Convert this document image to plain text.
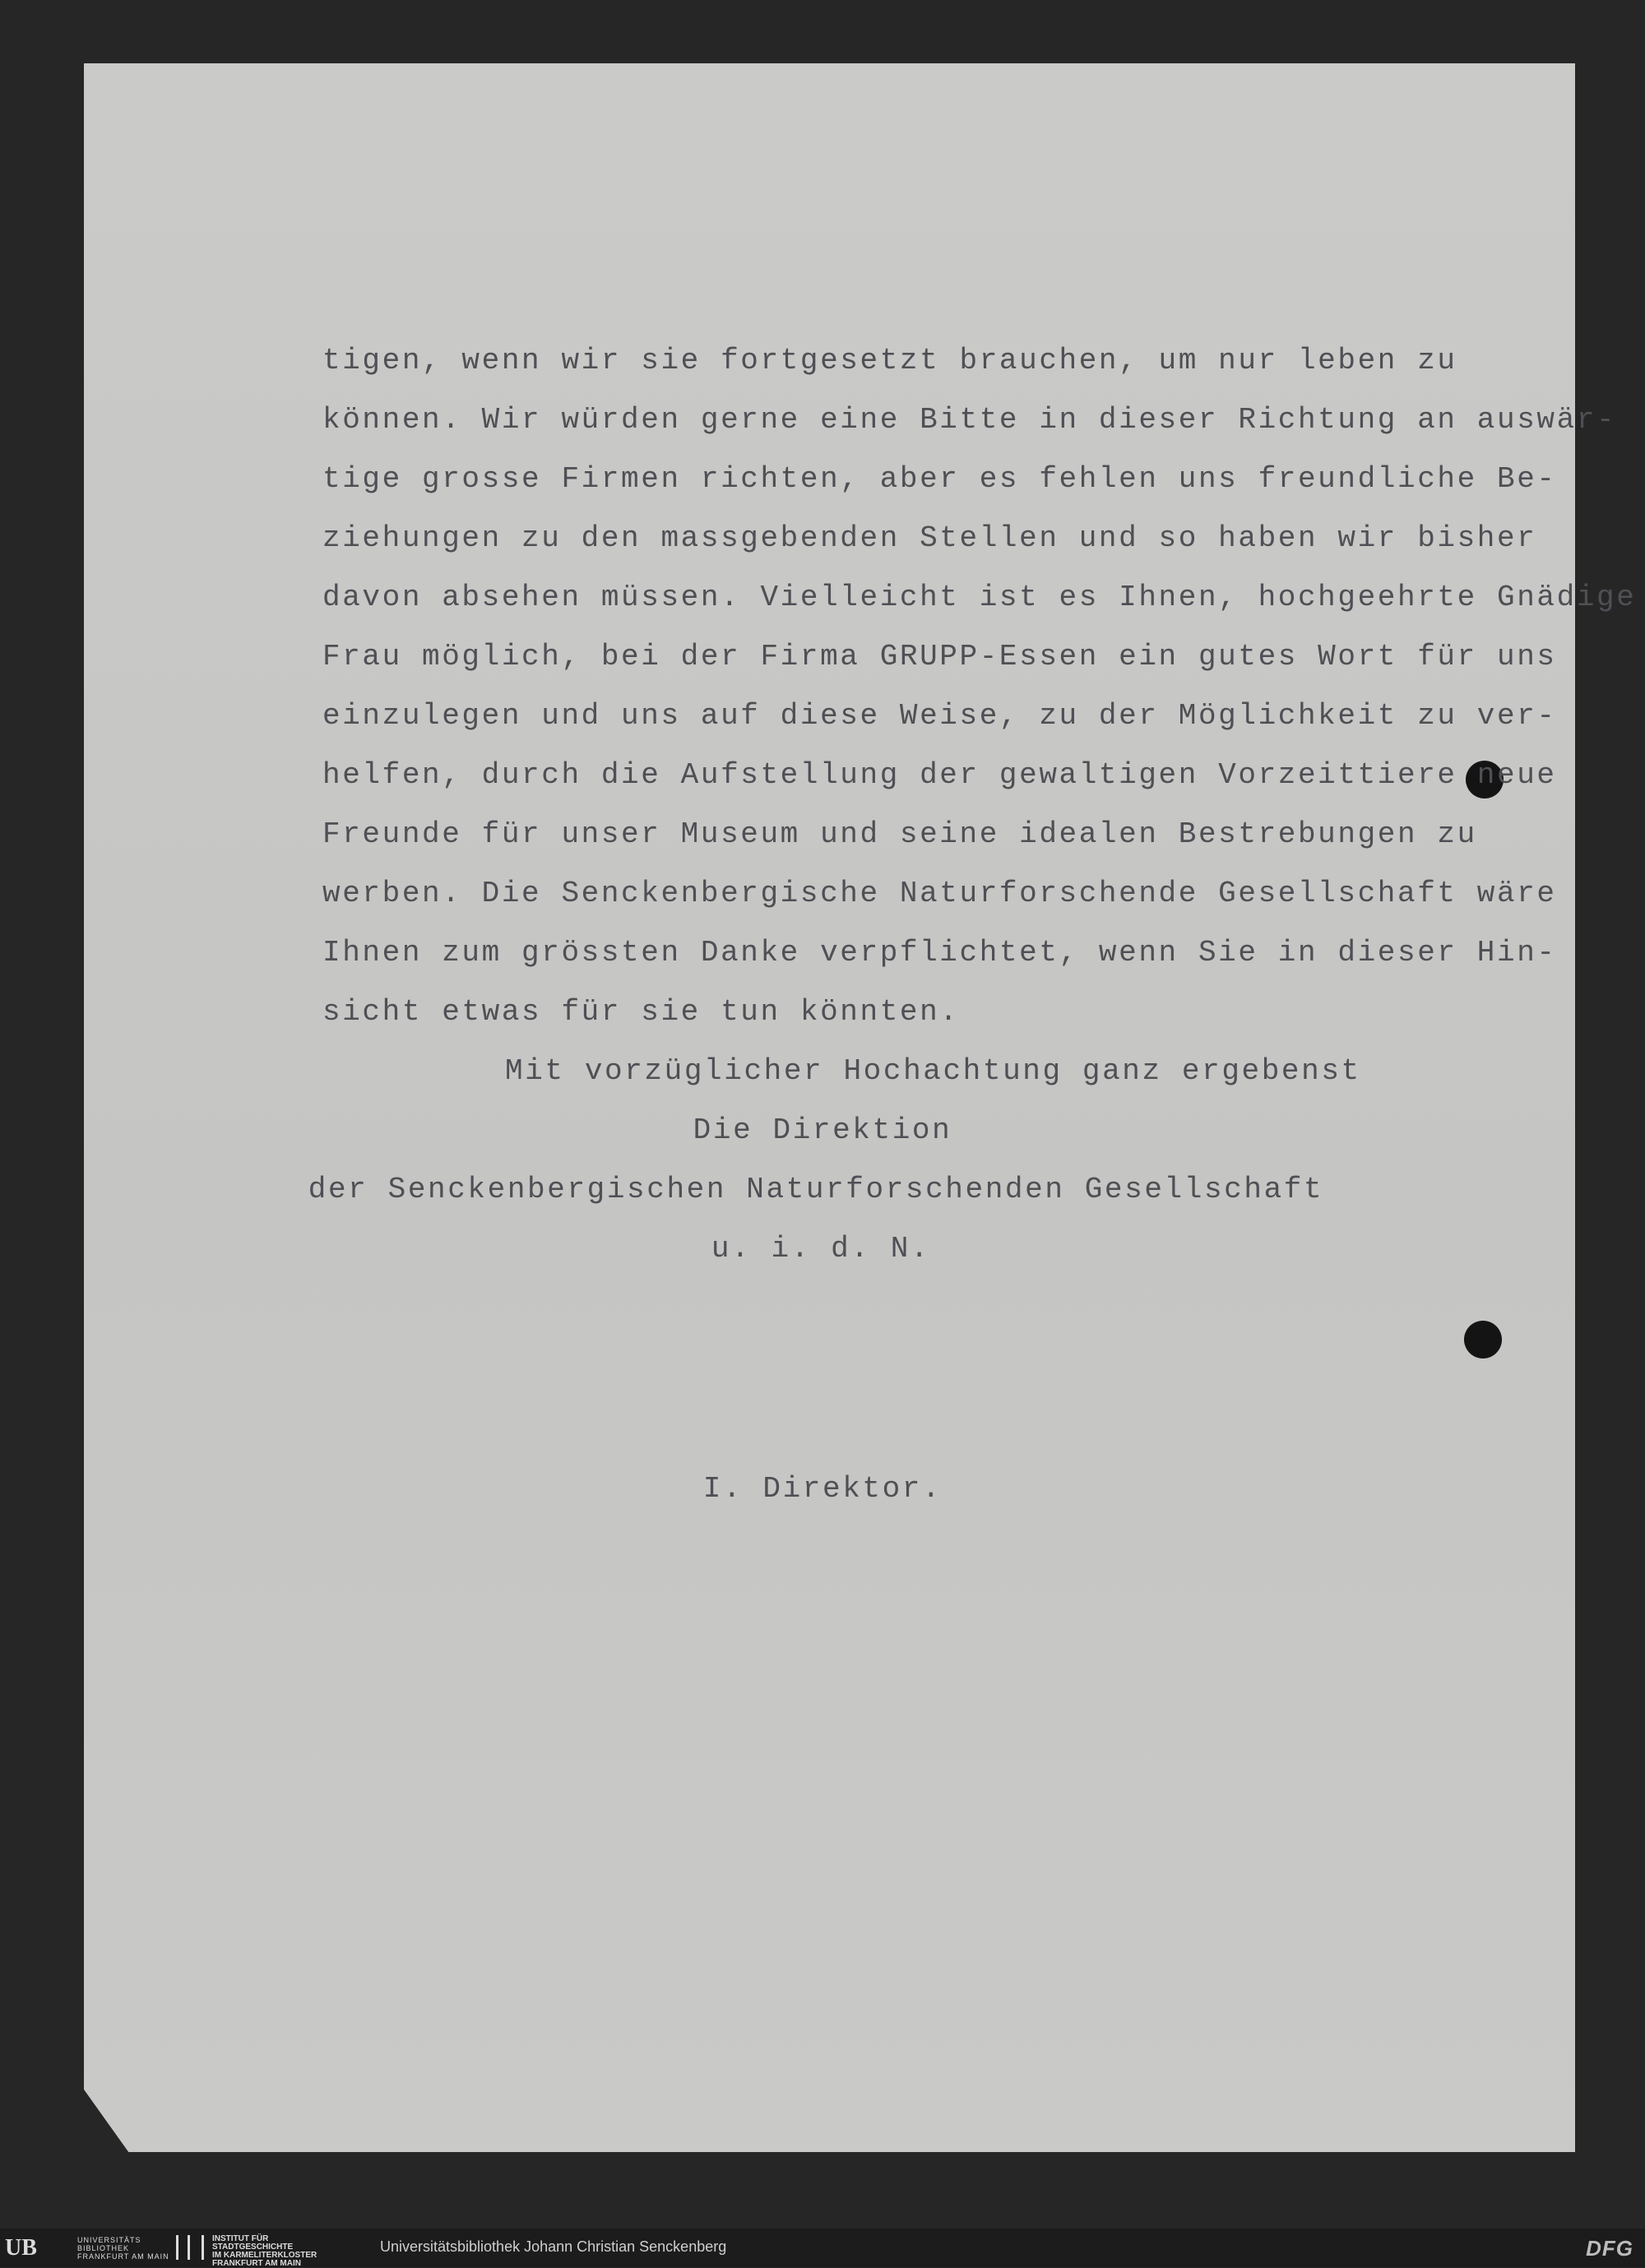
tigen, wenn wir sie fortgesetzt brauchen, um nur leben zu
können. Wir würden gerne eine Bitte in dieser Richtung an auswär-
tige grosse Firmen richten, aber es fehlen uns freundliche Be-
ziehungen zu den massgebenden Stellen und so haben wir bisher
davon absehen müssen. Vielleicht ist es Ihnen, hochgeehrte Gnädige
Frau möglich, bei der Firma GRUPP-Essen ein gutes Wort für uns
einzulegen und uns auf diese Weise, zu der Möglichkeit zu ver-
helfen, durch die Aufstellung der gewaltigen Vorzeittiere neue
Freunde für unser Museum und seine idealen Bestrebungen zu
werben. Die Senckenbergische Naturforschende Gesellschaft wäre
Ihnen zum grössten Danke verpflichtet, wenn Sie in dieser Hin-
sicht etwas für sie tun könnten.
Mit vorzüglicher Hochachtung ganz ergebenst
Die Direktion
der Senckenbergischen Naturforschenden Gesellschaft
u. i. d. N.
I. Direktor.
UB	UNIVERSITÄTS
BIBLIOTHEK
FRANKFURT AM MAIN
INSTITUT FÜR
STADTGESCHICHTE
IM KARMELITERKLOSTER
FRANKFURT AM MAIN
Universitätsbibliothek Johann Christian Senckenberg	DFG
